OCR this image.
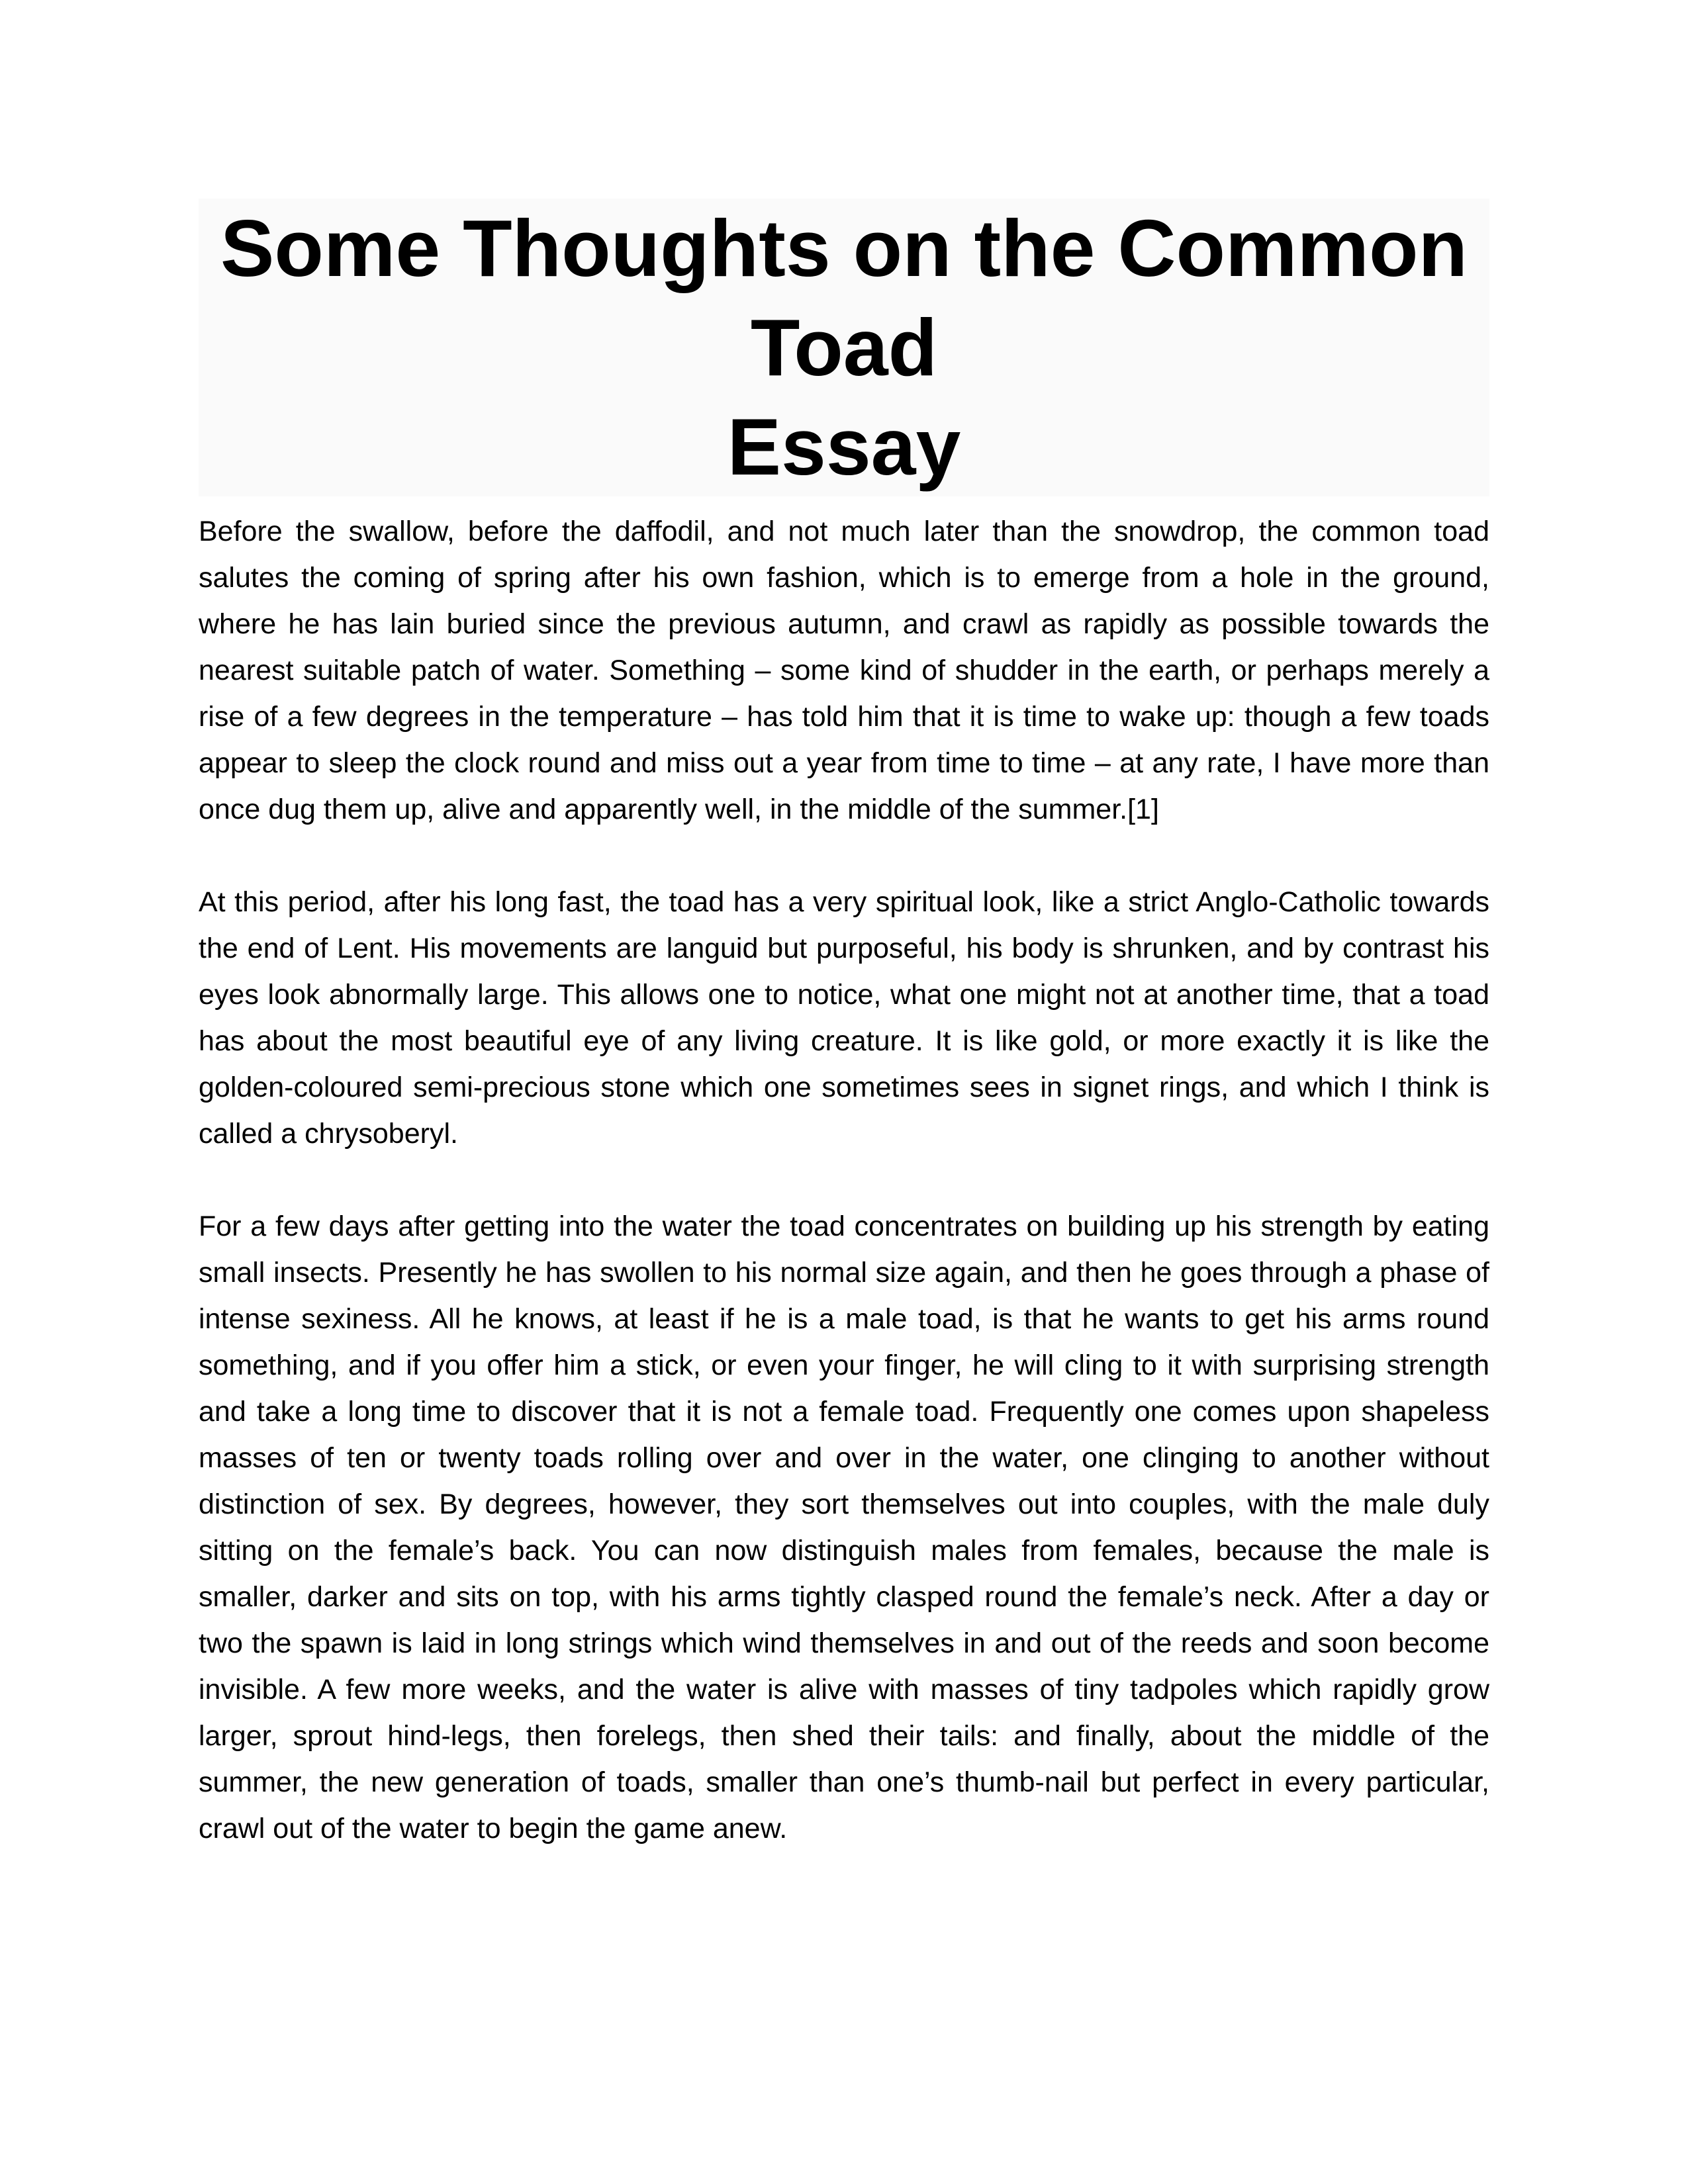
Some Thoughts on the Common Toad
Essay

Before the swallow, before the daffodil, and not much later than the snowdrop, the common toad salutes the coming of spring after his own fashion, which is to emerge from a hole in the ground, where he has lain buried since the previous autumn, and crawl as rapidly as possible towards the nearest suitable patch of water. Something – some kind of shudder in the earth, or perhaps merely a rise of a few degrees in the temperature – has told him that it is time to wake up: though a few toads appear to sleep the clock round and miss out a year from time to time – at any rate, I have more than once dug them up, alive and apparently well, in the middle of the summer.[1]

At this period, after his long fast, the toad has a very spiritual look, like a strict Anglo-Catholic towards the end of Lent. His movements are languid but purposeful, his body is shrunken, and by contrast his eyes look abnormally large. This allows one to notice, what one might not at another time, that a toad has about the most beautiful eye of any living creature. It is like gold, or more exactly it is like the golden-coloured semi-precious stone which one sometimes sees in signet rings, and which I think is called a chrysoberyl.

For a few days after getting into the water the toad concentrates on building up his strength by eating small insects. Presently he has swollen to his normal size again, and then he goes through a phase of intense sexiness. All he knows, at least if he is a male toad, is that he wants to get his arms round something, and if you offer him a stick, or even your finger, he will cling to it with surprising strength and take a long time to discover that it is not a female toad. Frequently one comes upon shapeless masses of ten or twenty toads rolling over and over in the water, one clinging to another without distinction of sex. By degrees, however, they sort themselves out into couples, with the male duly sitting on the female’s back. You can now distinguish males from females, because the male is smaller, darker and sits on top, with his arms tightly clasped round the female’s neck. After a day or two the spawn is laid in long strings which wind themselves in and out of the reeds and soon become invisible. A few more weeks, and the water is alive with masses of tiny tadpoles which rapidly grow larger, sprout hind-legs, then forelegs, then shed their tails: and finally, about the middle of the summer, the new generation of toads, smaller than one’s thumb-nail but perfect in every particular, crawl out of the water to begin the game anew.
